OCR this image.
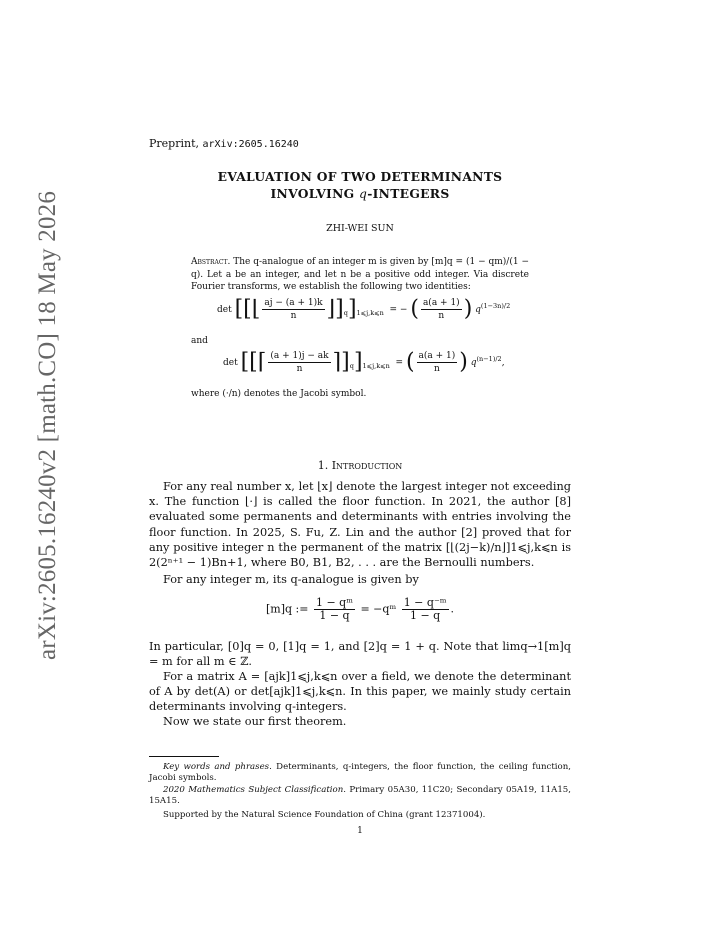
arXiv:2605.16240v2 [math.CO] 18 May 2026
Preprint, arXiv:2605.16240
EVALUATION OF TWO DETERMINANTS
INVOLVING q-INTEGERS
ZHI-WEI SUN
Abstract. The q-analogue of an integer m is given by [m]q = (1 − qm)/(1 − q). Let a be an integer, and let n be a positive odd integer. Via discrete Fourier transforms, we establish the following two identities:
det [[⌊ $\frac{aj - (a + 1)k}{n}$ $⌋]_q]_{1⩽j,k⩽n}$ = − ( $\frac{a(a + 1)}{n}$ ) $q^{(1-3n)/2}$
and
det [[⌈ $\frac{(a + 1)j - ak}{n}$ $⌉]_q]_{1⩽j,k⩽n}$ = ( $\frac{a(a + 1)}{n}$ ) $q^{(n-1)/2}$,
where (·/n) denotes the Jacobi symbol.
1. Introduction
For any real number x, let ⌊x⌋ denote the largest integer not exceeding x. The function ⌊·⌋ is called the floor function. In 2021, the author [8] evaluated some permanents and determinants with entries involving the floor function. In 2025, S. Fu, Z. Lin and the author [2] proved that for any positive integer n the permanent of the matrix [⌊(2j−k)/n⌋]1⩽j,k⩽n is 2(2ⁿ⁺¹ − 1)Bn+1, where B0, B1, B2, . . . are the Bernoulli numbers.
For any integer m, its q-analogue is given by
[m]q := $\frac{\text{1 − qᵐ}}{1 - q}$ = −qᵐ $\frac{\text{1 − q⁻ᵐ}}{1 - q}$ .
In particular, [0]q = 0, [1]q = 1, and [2]q = 1 + q. Note that limq→1[m]q = m for all m ∈ ℤ.
For a matrix A = [ajk]1⩽j,k⩽n over a field, we denote the determinant of A by det(A) or det[ajk]1⩽j,k⩽n. In this paper, we mainly study certain determinants involving q-integers.
Now we state our first theorem.
Key words and phrases. Determinants, q-integers, the floor function, the ceiling function, Jacobi symbols.
2020 Mathematics Subject Classification. Primary 05A30, 11C20; Secondary 05A19, 11A15, 15A15.
Supported by the Natural Science Foundation of China (grant 12371004).
1
